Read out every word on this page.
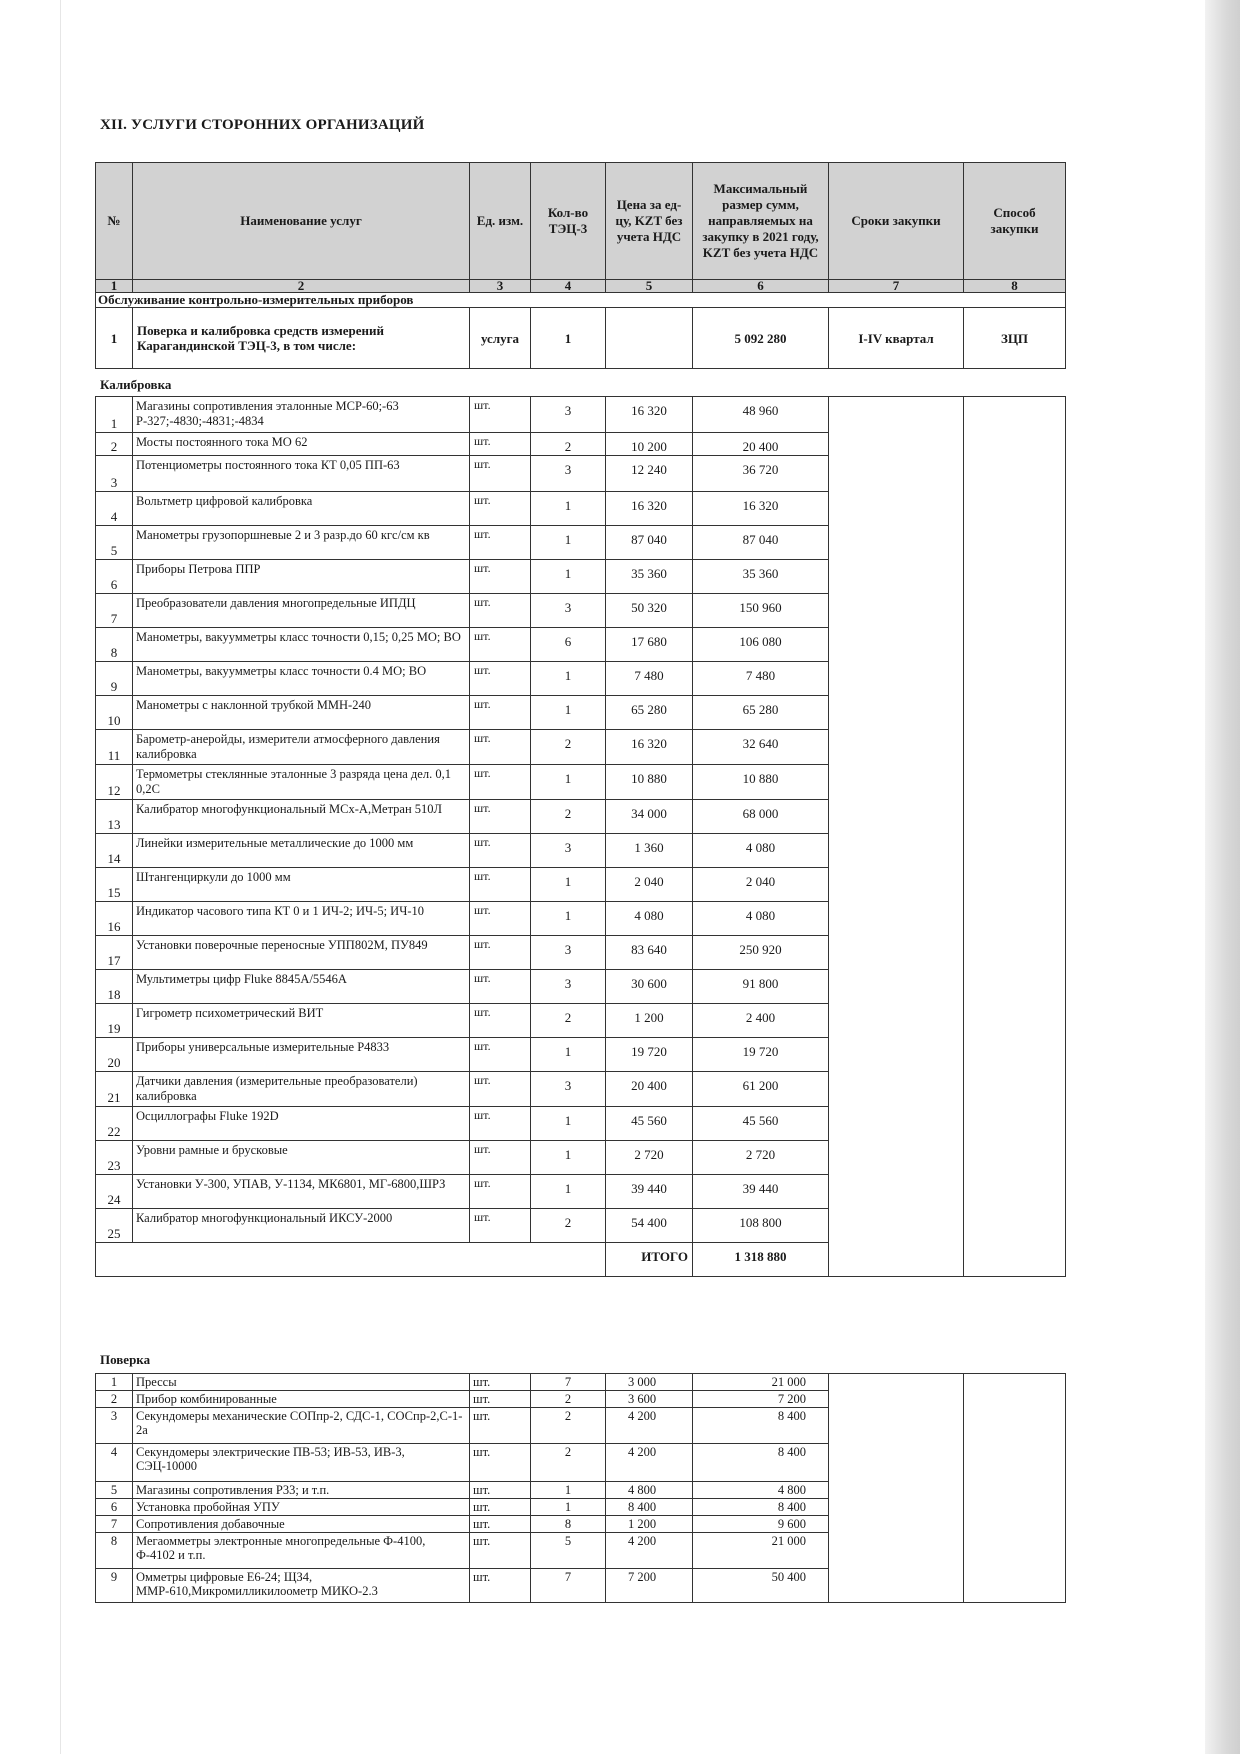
XII. УСЛУГИ СТОРОННИХ ОРГАНИЗАЦИЙ
№	Наименование услуг	Ед. изм.	Кол-во ТЭЦ-3	Цена за ед-цу, KZT без учета НДС	Максимальный размер сумм, направляемых на закупку в 2021 году, KZT без учета НДС	Сроки закупки	Способ закупки
1	2	3	4	5	6	7	8
Обслуживание контрольно-измерительных приборов							
1	Поверка и калибровка средств измерений Карагандинской ТЭЦ-3, в том числе:	услуга	1		5 092 280	I-IV квартал	ЗЦП
Калибровка
1	Магазины сопротивления эталонные МСР-60;-63 Р-327;-4830;-4831;-4834	шт.	3	16 320	48 960		
2	Мосты постоянного тока МО 62	шт.	2	10 200	20 400		
3	Потенциометры постоянного тока КТ 0,05 ПП-63	шт.	3	12 240	36 720		
4	Вольтметр цифровой калибровка	шт.	1	16 320	16 320		
5	Манометры грузопоршневые 2 и 3 разр.до 60 кгс/см кв	шт.	1	87 040	87 040		
6	Приборы Петрова ППР	шт.	1	35 360	35 360		
7	Преобразователи давления многопредельные ИПДЦ	шт.	3	50 320	150 960		
8	Манометры, вакуумметры класс точности 0,15; 0,25 МО; ВО	шт.	6	17 680	106 080		
9	Манометры, вакуумметры класс точности 0.4 МО; ВО	шт.	1	7 480	7 480		
10	Манометры с наклонной трубкой ММН-240	шт.	1	65 280	65 280		
11	Барометр-анеройды, измерители атмосферного давления калибровка	шт.	2	16 320	32 640		
12	Термометры стеклянные эталонные 3 разряда цена дел. 0,1 0,2С	шт.	1	10 880	10 880		
13	Калибратор многофункциональный МСх-А,Метран 510Л	шт.	2	34 000	68 000		
14	Линейки измерительные металлические до 1000 мм	шт.	3	1 360	4 080		
15	Штангенциркули до 1000 мм	шт.	1	2 040	2 040		
16	Индикатор часового типа КТ 0 и 1 ИЧ-2; ИЧ-5; ИЧ-10	шт.	1	4 080	4 080		
17	Установки поверочные переносные УПП802М, ПУ849	шт.	3	83 640	250 920		
18	Мультиметры цифр Fluke 8845A/5546A	шт.	3	30 600	91 800		
19	Гигрометр психометрический ВИТ	шт.	2	1 200	2 400		
20	Приборы универсальные измерительные Р4833	шт.	1	19 720	19 720		
21	Датчики давления (измерительные преобразователи) калибровка	шт.	3	20 400	61 200		
22	Осциллографы Fluke 192D	шт.	1	45 560	45 560		
23	Уровни рамные и брусковые	шт.	1	2 720	2 720		
24	Установки У-300, УПАВ, У-1134, МК6801, МГ-6800,ШРЗ	шт.	1	39 440	39 440		
25	Калибратор многофункциональный ИКСУ-2000	шт.	2	54 400	108 800		
				ИТОГО	1 318 880		
Поверка
1	Прессы	шт.	7	3 000	21 000		
2	Прибор комбинированные	шт.	2	3 600	7 200		
3	Секундомеры механические СОПпр-2, СДС-1, СОСпр-2,С-1-2а	шт.	2	4 200	8 400		
4	Секундомеры электрические ПВ-53; ИВ-53, ИВ-3, СЭЦ-10000	шт.	2	4 200	8 400		
5	Магазины сопротивления Р33; и т.п.	шт.	1	4 800	4 800		
6	Установка пробойная УПУ	шт.	1	8 400	8 400		
7	Сопротивления добавочные	шт.	8	1 200	9 600		
8	Мегаомметры электронные многопредельные Ф-4100, Ф-4102 и т.п.	шт.	5	4 200	21 000		
9	Омметры цифровые Е6-24; ЩЗ4, ММР-610,Микромилликилоометр МИКО-2.3	шт.	7	7 200	50 400		
